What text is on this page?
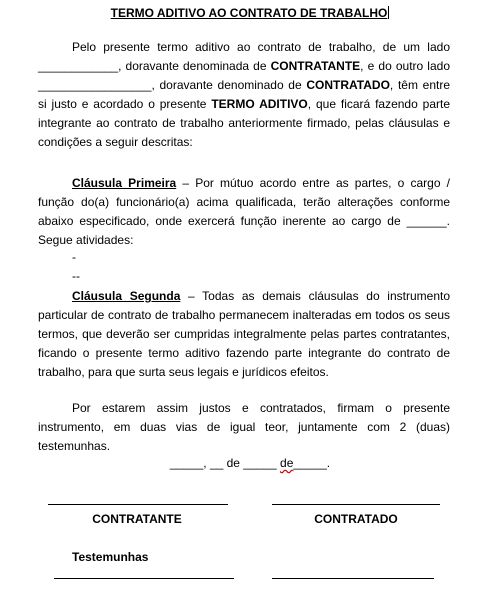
TERMO ADITIVO AO CONTRATO DE TRABALHO

Pelo presente termo aditivo ao contrato de trabalho, de um lado ____________, doravante denominada de CONTRATANTE, e do outro lado _________________, doravante denominado de CONTRATADO, têm entre si justo e acordado o presente TERMO ADITIVO, que ficará fazendo parte integrante ao contrato de trabalho anteriormente firmado, pelas cláusulas e condições a seguir descritas:

Cláusula Primeira – Por mútuo acordo entre as partes, o cargo / função do(a) funcionário(a) acima qualificada, terão alterações conforme abaixo especificado, onde exercerá função inerente ao cargo de ______. Segue atividades:

-
--

Cláusula Segunda – Todas as demais cláusulas do instrumento particular de contrato de trabalho permanecem inalteradas em todos os seus termos, que deverão ser cumpridas integralmente pelas partes contratantes, ficando o presente termo aditivo fazendo parte integrante do contrato de trabalho, para que surta seus legais e jurídicos efeitos.

Por estarem assim justos e contratados, firmam o presente instrumento, em duas vias de igual teor, juntamente com 2 (duas) testemunhas.

_____, __ de _____ de_____.
CONTRATANTE	CONTRATADO
Testemunhas
